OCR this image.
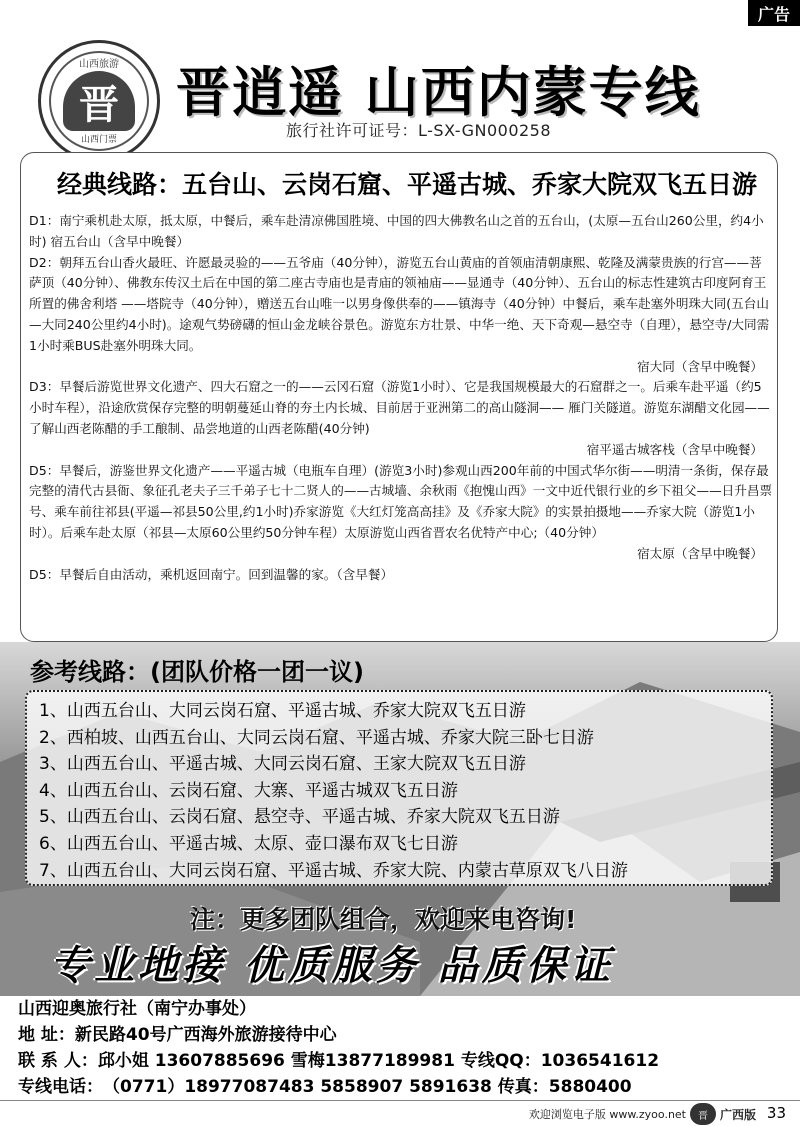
广告
山西旅游
晋
山西门票
晋逍遥 山西内蒙专线
旅行社许可证号：L-SX-GN000258
经典线路：五台山、云岗石窟、平遥古城、乔家大院双飞五日游
D1：南宁乘机赴太原，抵太原，中餐后，乘车赴清凉佛国胜境、中国的四大佛教名山之首的五台山，(太原—五台山260公里，约4小时) 宿五台山（含早中晚餐）
D2：朝拜五台山香火最旺、许愿最灵验的——五爷庙（40分钟），游览五台山黄庙的首领庙清朝康熙、乾隆及满蒙贵族的行宫——菩萨顶（40分钟）、佛教东传汉土后在中国的第二座古寺庙也是青庙的领袖庙——显通寺（40分钟）、五台山的标志性建筑古印度阿育王所置的佛舍利塔 ——塔院寺（40分钟），赠送五台山唯一以男身像供奉的——镇海寺（40分钟）中餐后，乘车赴塞外明珠大同(五台山—大同240公里约4小时)。途观气势磅礴的恒山金龙峡谷景色。游览东方壮景、中华一绝、天下奇观—悬空寺（自理），悬空寺/大同需1小时乘BUS赴塞外明珠大同。
宿大同（含早中晚餐）
D3：早餐后游览世界文化遗产、四大石窟之一的——云冈石窟（游览1小时）、它是我国规模最大的石窟群之一。后乘车赴平遥（约5小时车程），沿途欣赏保存完整的明朝蔓延山脊的夯土内长城、目前居于亚洲第二的高山隧洞—— 雁门关隧道。游览东湖醋文化园—— 了解山西老陈醋的手工酿制、品尝地道的山西老陈醋(40分钟)
宿平遥古城客栈（含早中晚餐）
D5：早餐后，游鉴世界文化遗产——平遥古城（电瓶车自理）(游览3小时)参观山西200年前的中国式华尔街——明清一条街，保存最完整的清代古县衙、象征孔老夫子三千弟子七十二贤人的——古城墙、余秋雨《抱愧山西》一文中近代银行业的乡下祖父——日升昌票号、乘车前往祁县(平遥—祁县50公里,约1小时)乔家游览《大红灯笼高高挂》及《乔家大院》的实景拍摄地——乔家大院（游览1小时）。后乘车赴太原（祁县—太原60公里约50分钟车程）太原游览山西省晋农名优特产中心;（40分钟）
宿太原（含早中晚餐）
D5：早餐后自由活动，乘机返回南宁。回到温馨的家。（含早餐）
参考线路：(团队价格一团一议)
1、山西五台山、大同云岗石窟、平遥古城、乔家大院双飞五日游
2、西柏坡、山西五台山、大同云岗石窟、平遥古城、乔家大院三卧七日游
3、山西五台山、平遥古城、大同云岗石窟、王家大院双飞五日游
4、山西五台山、云岗石窟、大寨、平遥古城双飞五日游
5、山西五台山、云岗石窟、悬空寺、平遥古城、乔家大院双飞五日游
6、山西五台山、平遥古城、太原、壶口瀑布双飞七日游
7、山西五台山、大同云岗石窟、平遥古城、乔家大院、内蒙古草原双飞八日游
注：更多团队组合，欢迎来电咨询!
专业地接 优质服务 品质保证
山西迎奥旅行社（南宁办事处）
地 址：新民路40号广西海外旅游接待中心
联 系 人：邱小姐 13607885696 雪梅13877189981 专线QQ：1036541612
专线电话：（0771）18977087483 5858907 5891638 传真：5880400
欢迎浏览电子版 www.zyoo.net	晋 广西版 33
